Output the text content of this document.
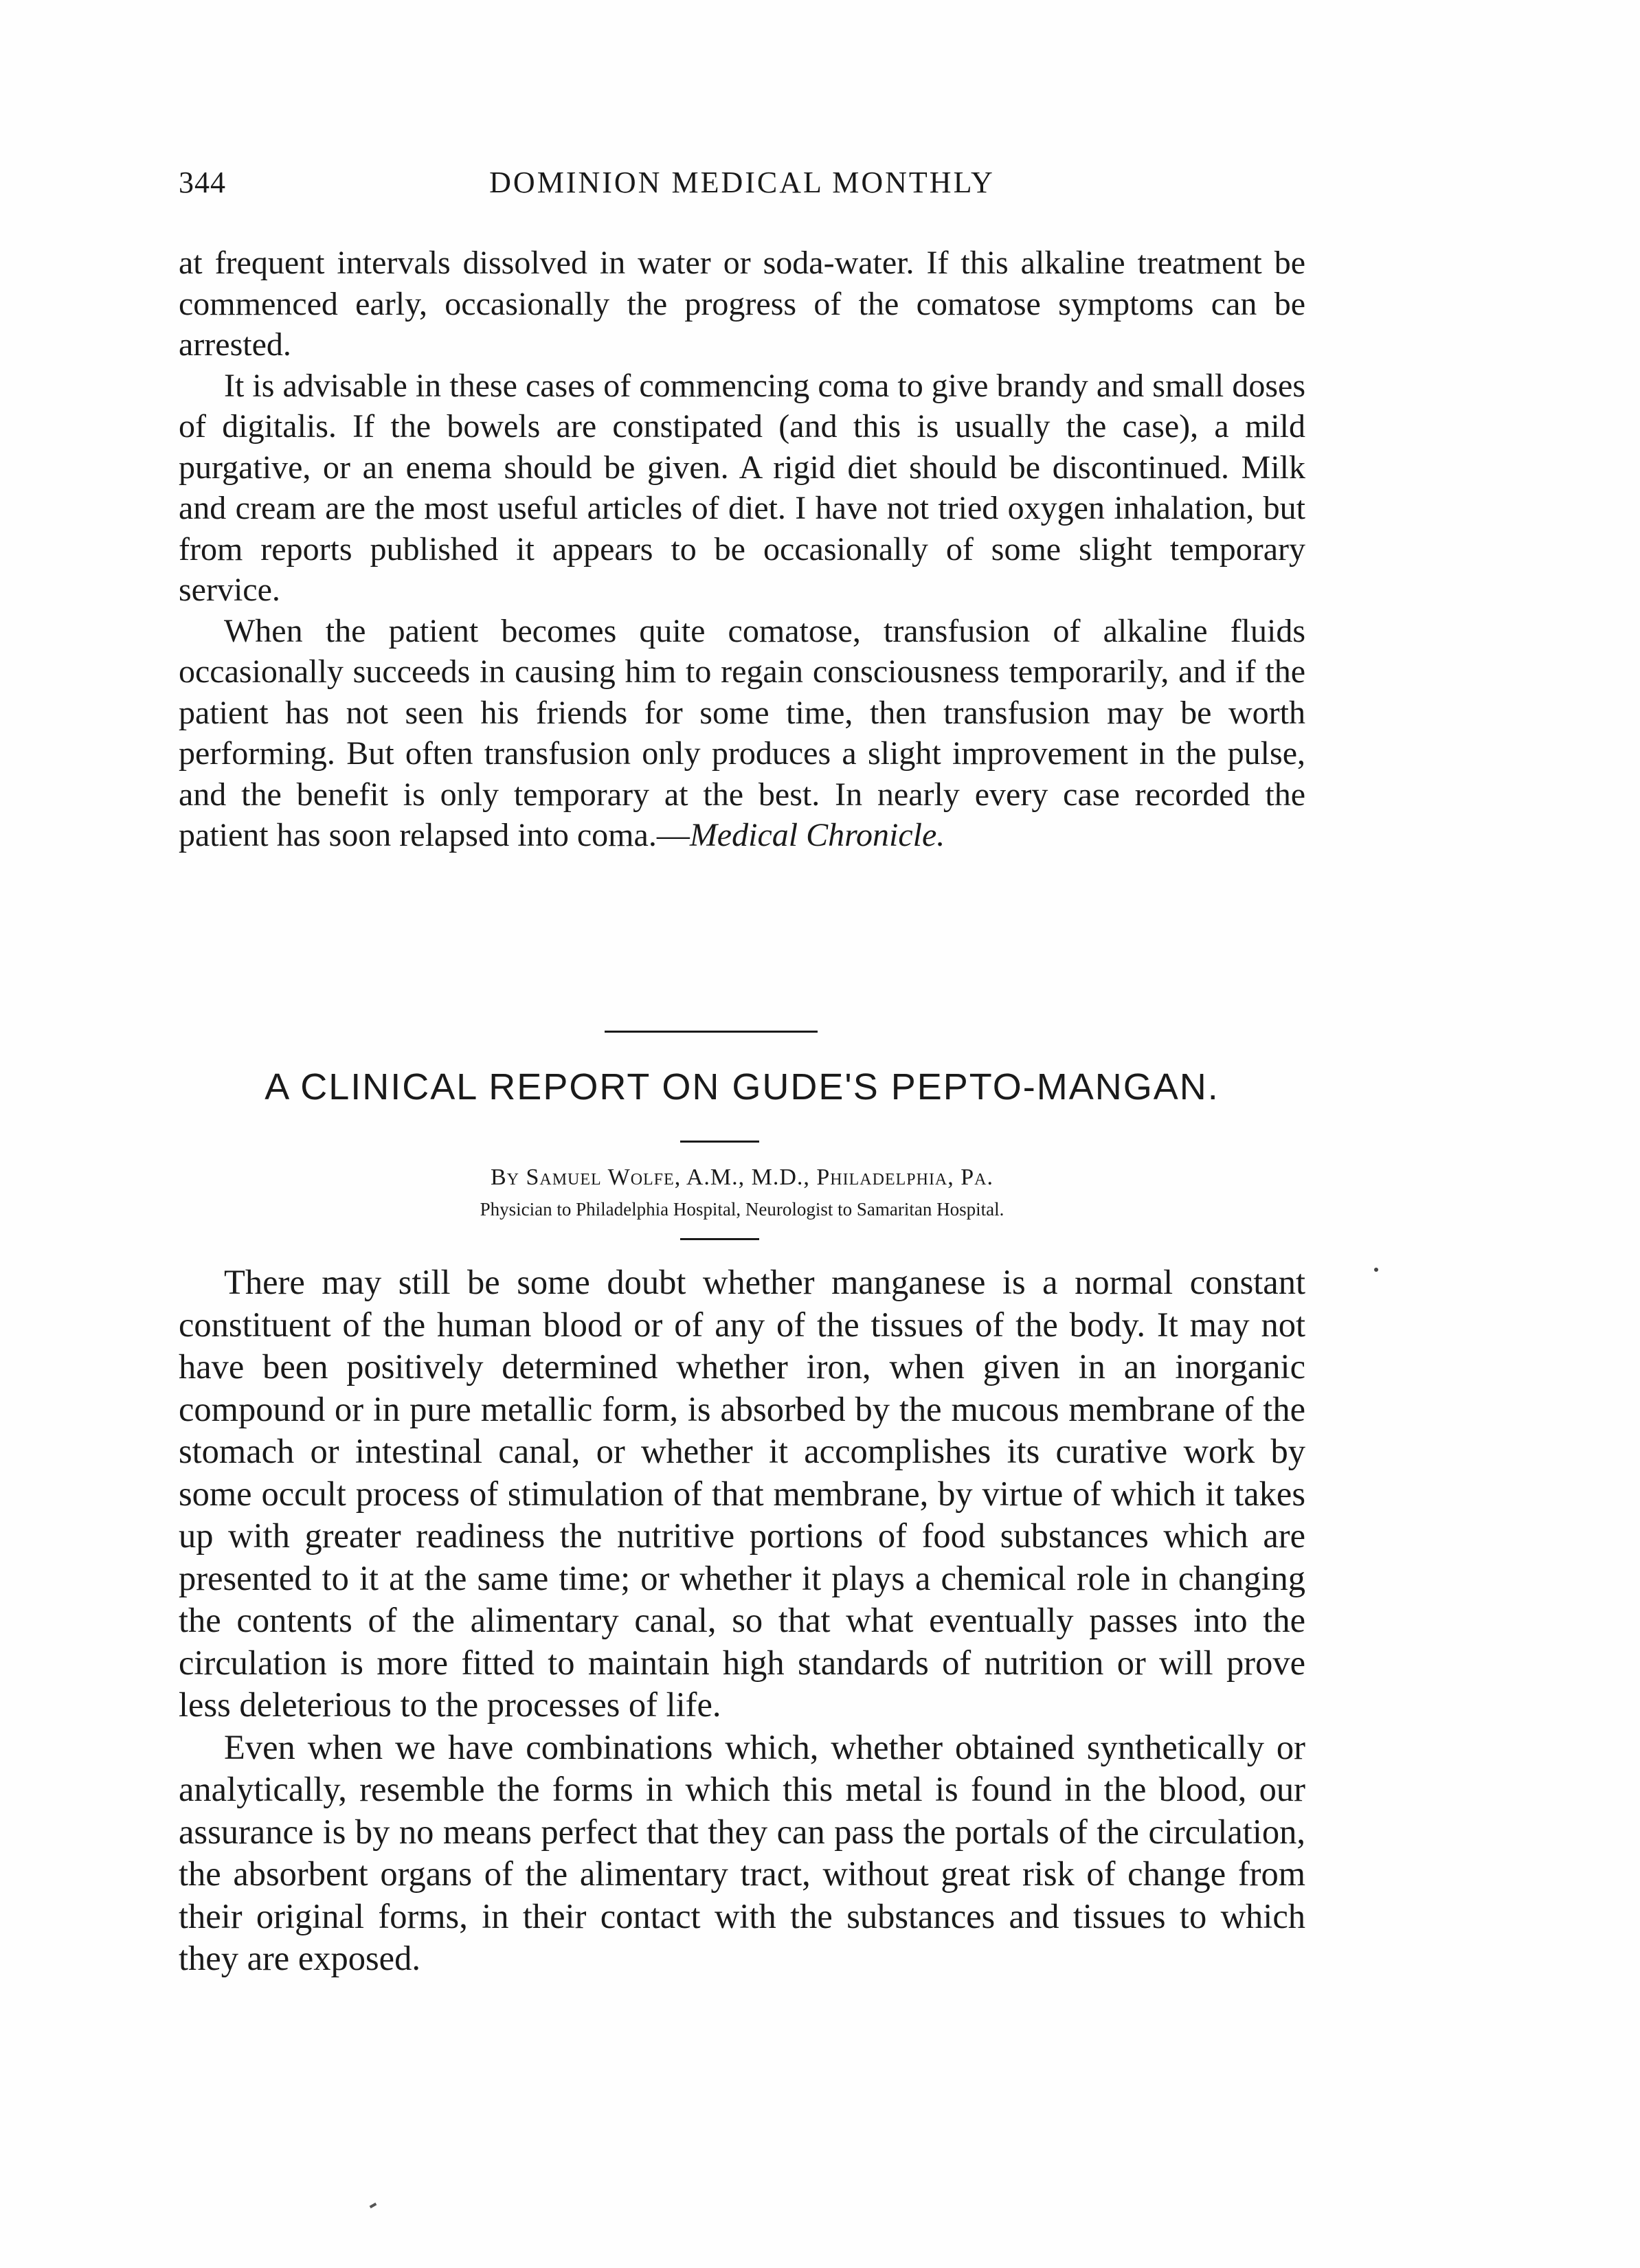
344	DOMINION MEDICAL MONTHLY

at frequent intervals dissolved in water or soda-water. If this alkaline treatment be commenced early, occasionally the progress of the comatose symptoms can be arrested.

It is advisable in these cases of commencing coma to give brandy and small doses of digitalis. If the bowels are constipated (and this is usually the case), a mild purgative, or an enema should be given. A rigid diet should be discontinued. Milk and cream are the most useful articles of diet. I have not tried oxygen inhalation, but from reports published it appears to be occasionally of some slight temporary service.

When the patient becomes quite comatose, transfusion of alkaline fluids occasionally succeeds in causing him to regain consciousness temporarily, and if the patient has not seen his friends for some time, then transfusion may be worth performing. But often transfusion only produces a slight improvement in the pulse, and the benefit is only temporary at the best. In nearly every case recorded the patient has soon relapsed into coma.—Medical Chronicle.

A CLINICAL REPORT ON GUDE'S PEPTO-MANGAN.
By Samuel Wolfe, A.M., M.D., Philadelphia, Pa.
Physician to Philadelphia Hospital, Neurologist to Samaritan Hospital.

There may still be some doubt whether manganese is a normal constant constituent of the human blood or of any of the tissues of the body. It may not have been positively determined whether iron, when given in an inorganic compound or in pure metallic form, is absorbed by the mucous membrane of the stomach or intestinal canal, or whether it accomplishes its curative work by some occult process of stimulation of that membrane, by virtue of which it takes up with greater readiness the nutritive portions of food substances which are presented to it at the same time; or whether it plays a chemical role in changing the contents of the alimentary canal, so that what eventually passes into the circulation is more fitted to maintain high standards of nutrition or will prove less deleterious to the processes of life.

Even when we have combinations which, whether obtained synthetically or analytically, resemble the forms in which this metal is found in the blood, our assurance is by no means perfect that they can pass the portals of the circulation, the absorbent organs of the alimentary tract, without great risk of change from their original forms, in their contact with the substances and tissues to which they are exposed.
